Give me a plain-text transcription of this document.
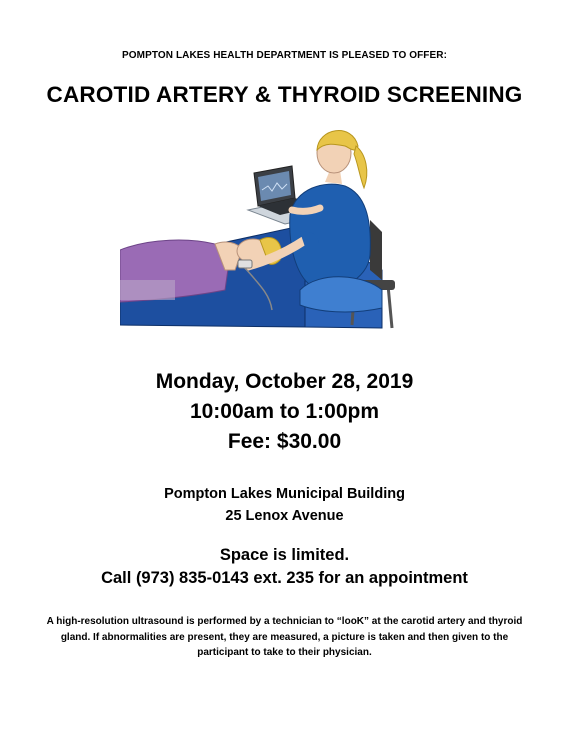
POMPTON LAKES HEALTH DEPARTMENT IS PLEASED TO OFFER:
CAROTID ARTERY & THYROID SCREENING
Monday, October 28, 2019
10:00am to 1:00pm
Fee: $30.00
Pompton Lakes Municipal Building
25 Lenox Avenue
Space is limited.
Call (973) 835-0143 ext. 235 for an appointment
A high-resolution ultrasound is performed by a technician to “looK” at the carotid artery and thyroid gland. If abnormalities are present, they are measured, a picture is taken and then given to the participant to take to their physician.
